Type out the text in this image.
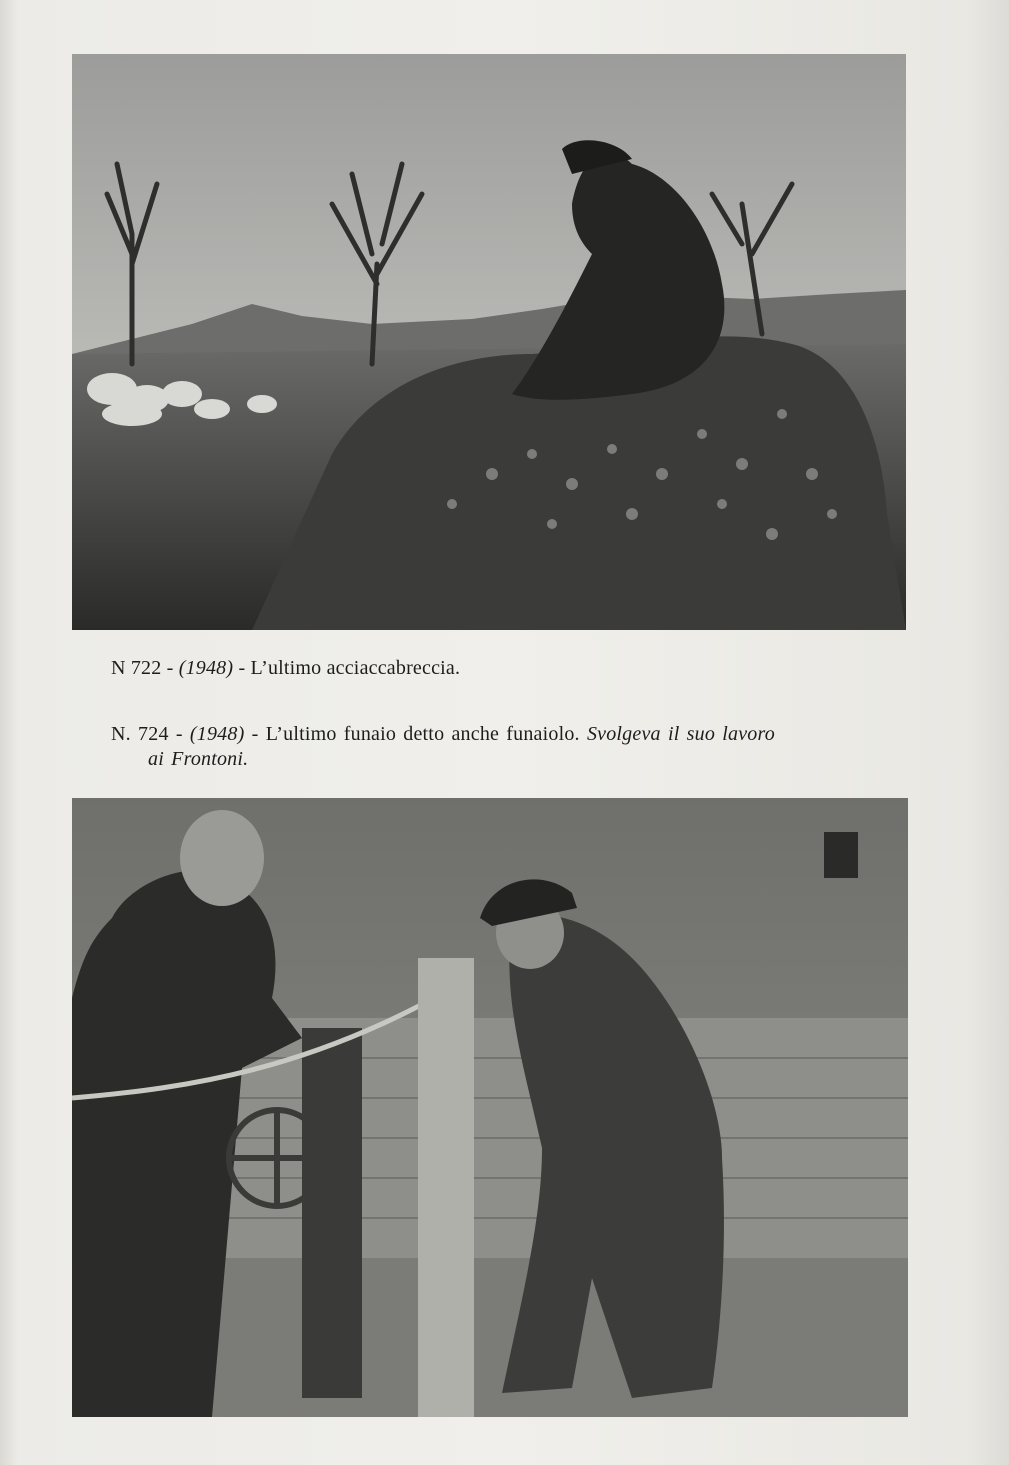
N 722 - (1948) - L’ultimo acciaccabreccia.
N. 724 - (1948) - L’ultimo funaio detto anche funaiolo. Svolgeva il suo lavoro
ai Frontoni.
